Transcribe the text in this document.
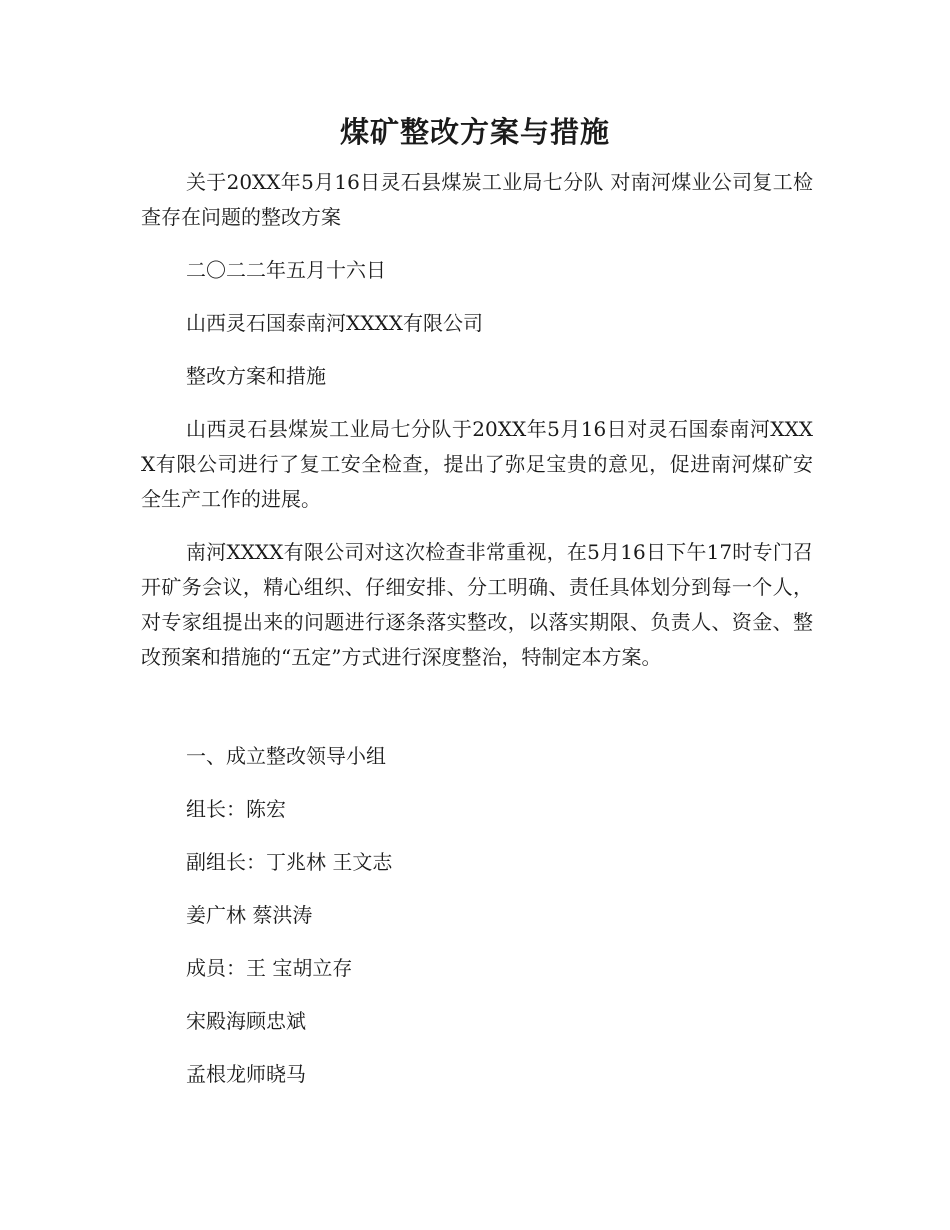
煤矿整改方案与措施
关于20XX年5月16日灵石县煤炭工业局七分队 对南河煤业公司复工检查存在问题的整改方案
二〇二二年五月十六日
山西灵石国泰南河XXXX有限公司
整改方案和措施
山西灵石县煤炭工业局七分队于20XX年5月16日对灵石国泰南河XXXX有限公司进行了复工安全检查，提出了弥足宝贵的意见，促进南河煤矿安全生产工作的进展。
南河XXXX有限公司对这次检查非常重视，在5月16日下午17时专门召开矿务会议，精心组织、仔细安排、分工明确、责任具体划分到每一个人，对专家组提出来的问题进行逐条落实整改，以落实期限、负责人、资金、整改预案和措施的“五定”方式进行深度整治，特制定本方案。
一、成立整改领导小组
组长：陈宏
副组长：丁兆林 王文志
姜广林 蔡洪涛
成员：王 宝胡立存
宋殿海顾忠斌
孟根龙师晓马
